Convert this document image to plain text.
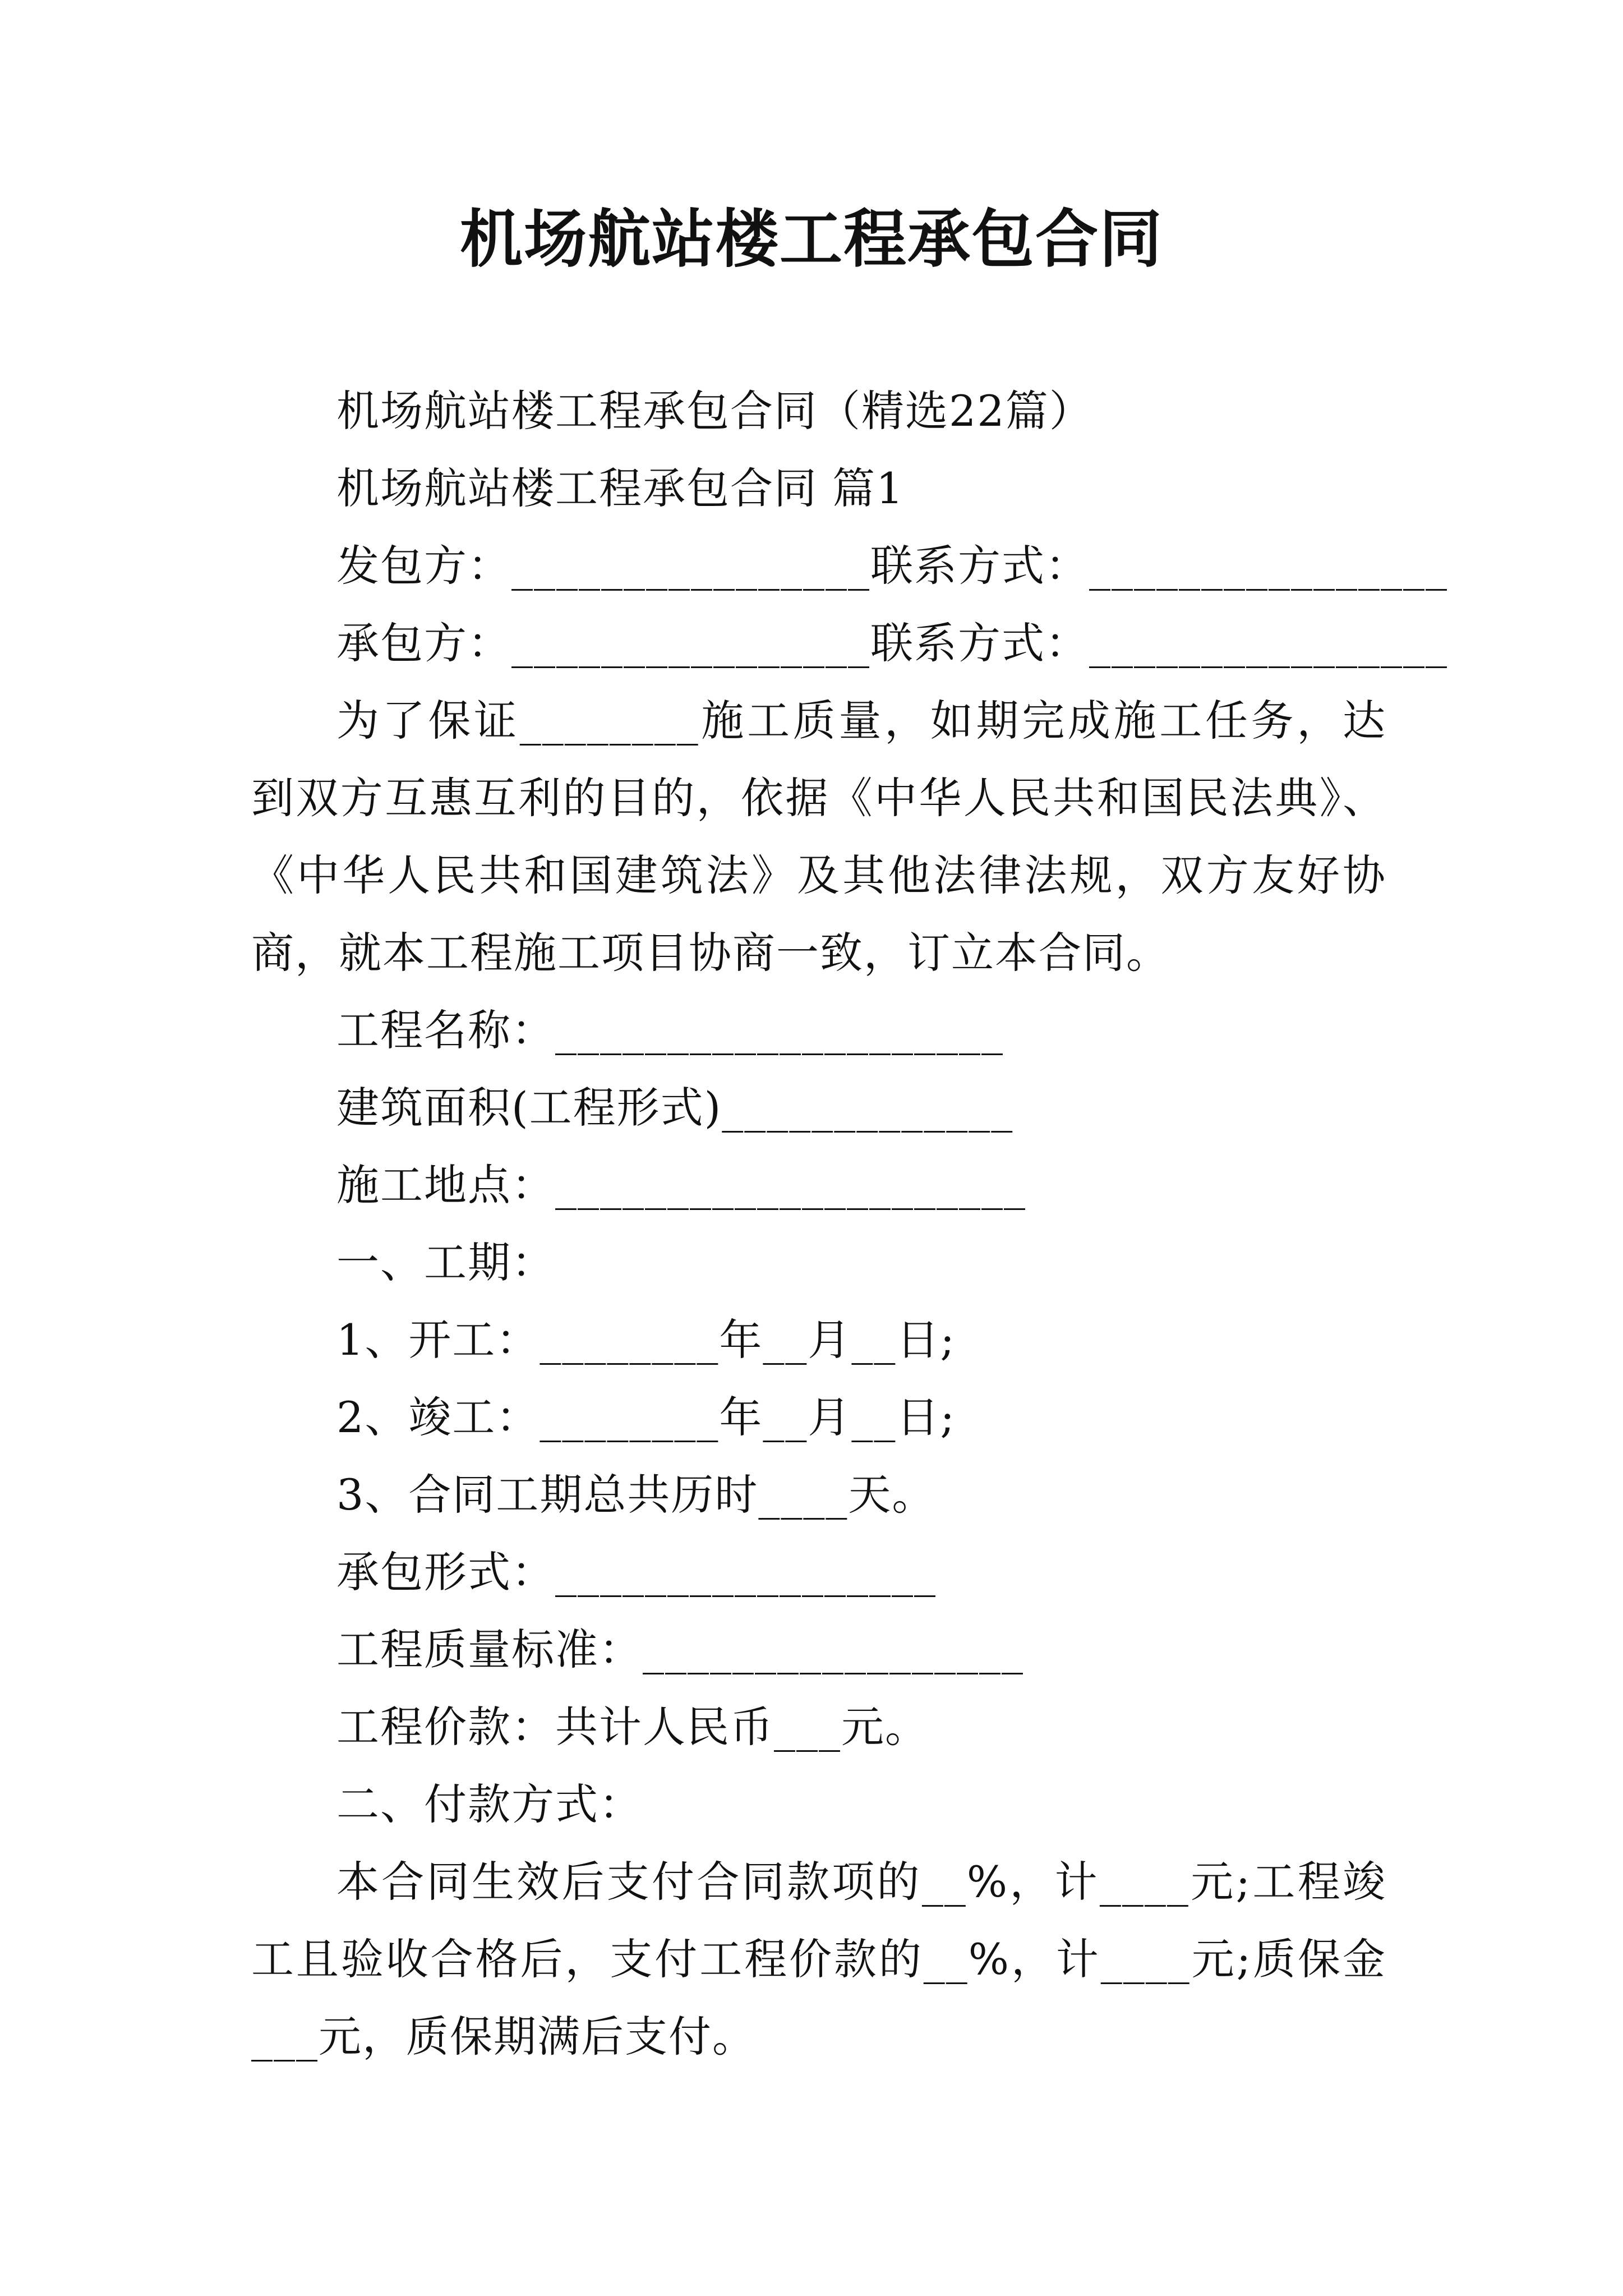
机场航站楼工程承包合同

机场航站楼工程承包合同（精选22篇）

机场航站楼工程承包合同 篇1

发包方：________________联系方式：________________

承包方：________________联系方式：________________

为了保证________施工质量，如期完成施工任务，达到双方互惠互利的目的，依据《中华人民共和国民法典》、《中华人民共和国建筑法》及其他法律法规，双方友好协商，就本工程施工项目协商一致，订立本合同。

工程名称：____________________

建筑面积(工程形式)_____________

施工地点：_____________________

一、工期：

1、开工：________年__月__日;

2、竣工：________年__月__日;

3、合同工期总共历时____天。

承包形式：_________________

工程质量标准：_________________

工程价款：共计人民币___元。

二、付款方式：

本合同生效后支付合同款项的__%，计____元;工程竣工且验收合格后，支付工程价款的__%，计____元;质保金___元，质保期满后支付。
